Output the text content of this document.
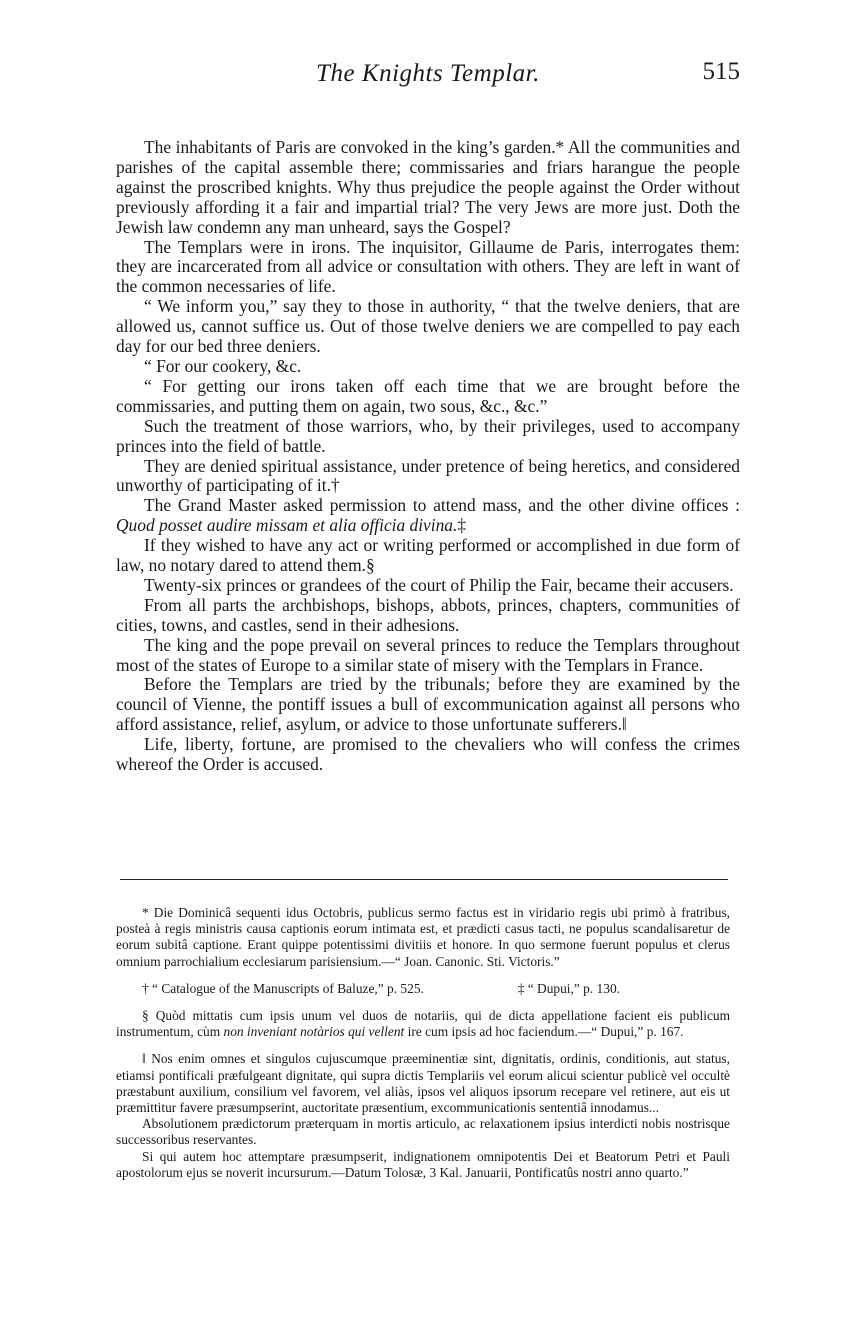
The Knights Templar.	515

The inhabitants of Paris are convoked in the king’s garden.* All the communities and parishes of the capital assemble there; commissaries and friars harangue the people against the proscribed knights. Why thus prejudice the people against the Order without previously affording it a fair and impartial trial? The very Jews are more just. Doth the Jewish law condemn any man unheard, says the Gospel?

The Templars were in irons. The inquisitor, Gillaume de Paris, interrogates them: they are incarcerated from all advice or consultation with others. They are left in want of the common necessaries of life.

“ We inform you,” say they to those in authority, “ that the twelve deniers, that are allowed us, cannot suffice us. Out of those twelve deniers we are compelled to pay each day for our bed three deniers.

“ For our cookery, &c.

“ For getting our irons taken off each time that we are brought before the commissaries, and putting them on again, two sous, &c., &c.”

Such the treatment of those warriors, who, by their privileges, used to accompany princes into the field of battle.

They are denied spiritual assistance, under pretence of being heretics, and considered unworthy of participating of it.†

The Grand Master asked permission to attend mass, and the other divine offices : Quod posset audire missam et alia officia divina.‡

If they wished to have any act or writing performed or accomplished in due form of law, no notary dared to attend them.§

Twenty-six princes or grandees of the court of Philip the Fair, became their accusers.

From all parts the archbishops, bishops, abbots, princes, chapters, communities of cities, towns, and castles, send in their adhesions.

The king and the pope prevail on several princes to reduce the Templars throughout most of the states of Europe to a similar state of misery with the Templars in France.

Before the Templars are tried by the tribunals; before they are examined by the council of Vienne, the pontiff issues a bull of excommunication against all persons who afford assistance, relief, asylum, or advice to those unfortunate sufferers.‖

Life, liberty, fortune, are promised to the chevaliers who will confess the crimes whereof the Order is accused.

* Die Dominicâ sequenti idus Octobris, publicus sermo factus est in viridario regis ubi primò à fratribus, posteà à regis ministris causa captionis eorum intimata est, et prædicti casus tacti, ne populus scandalisaretur de eorum subitâ captione. Erant quippe potentissimi divitiis et honore. In quo sermone fuerunt populus et clerus omnium parrochialium ecclesiarum parisiensium.—“ Joan. Canonic. Sti. Victoris.”

† “ Catalogue of the Manuscripts of Baluze,” p. 525.	‡ “ Dupui,” p. 130.

§ Quòd mittatis cum ipsis unum vel duos de notariis, qui de dicta appellatione facient eis publicum instrumentum, cùm non inveniant notàrios qui vellent ire cum ipsis ad hoc faciendum.—“ Dupui,” p. 167.

‖ Nos enim omnes et singulos cujuscumque præeminentiæ sint, dignitatis, ordinis, conditionis, aut status, etiamsi pontificali præfulgeant dignitate, qui supra dictis Templariis vel eorum alicui scientur publicè vel occultè præstabunt auxilium, consilium vel favorem, vel aliàs, ipsos vel aliquos ipsorum recepare vel retinere, aut eis ut præmittitur favere præsumpserint, auctoritate præsentium, excommunicationis sententiâ innodamus...

Absolutionem prædictorum præterquam in mortis articulo, ac relaxationem ipsius interdicti nobis nostrisque successoribus reservantes.

Si qui autem hoc attemptare præsumpserit, indignationem omnipotentis Dei et Beatorum Petri et Pauli apostolorum ejus se noverit incursurum.—Datum Tolosæ, 3 Kal. Januarii, Pontificatûs nostri anno quarto.”
